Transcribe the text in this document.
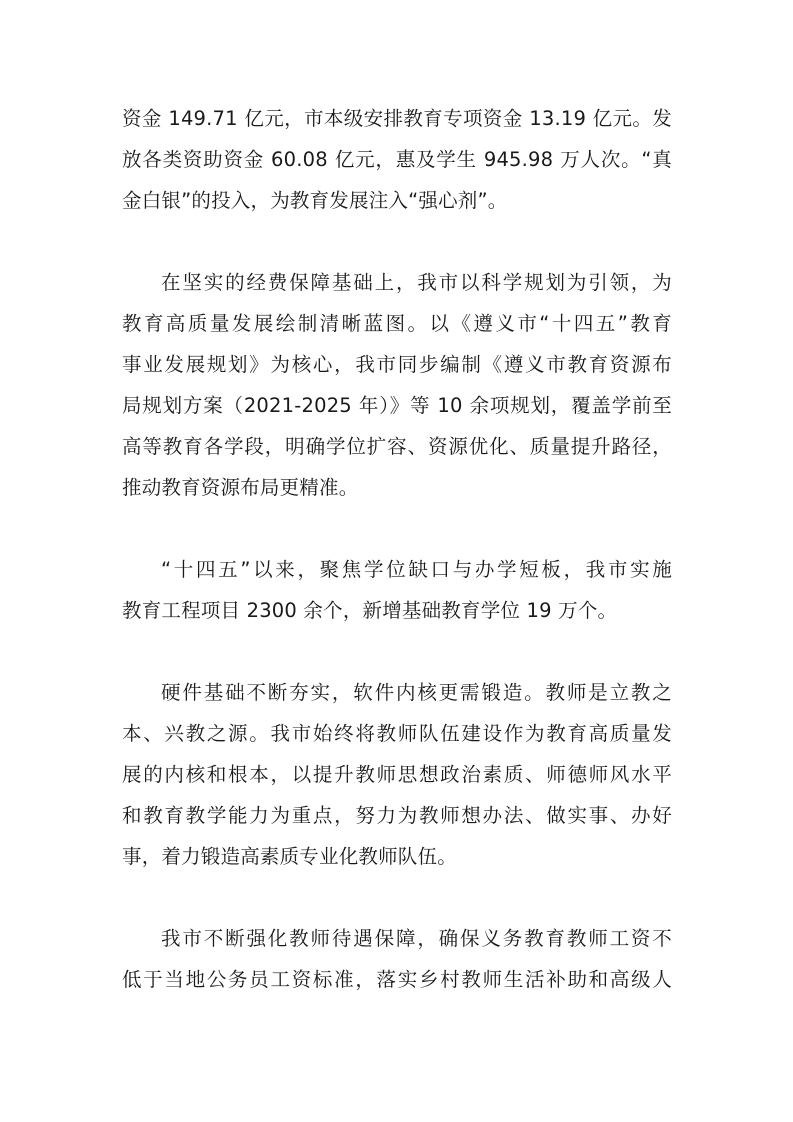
资金 149.71 亿元，市本级安排教育专项资金 13.19 亿元。发
放各类资助资金 60.08 亿元，惠及学生 945.98 万人次。“真
金白银”的投入，为教育发展注入“强心剂”。

在坚实的经费保障基础上，我市以科学规划为引领，为
教育高质量发展绘制清晰蓝图。以《遵义市“十四五”教育
事业发展规划》为核心，我市同步编制《遵义市教育资源布
局规划方案（2021-2025 年）》等 10 余项规划，覆盖学前至
高等教育各学段，明确学位扩容、资源优化、质量提升路径，
推动教育资源布局更精准。

“十四五”以来，聚焦学位缺口与办学短板，我市实施
教育工程项目 2300 余个，新增基础教育学位 19 万个。

硬件基础不断夯实，软件内核更需锻造。教师是立教之
本、兴教之源。我市始终将教师队伍建设作为教育高质量发
展的内核和根本，以提升教师思想政治素质、师德师风水平
和教育教学能力为重点，努力为教师想办法、做实事、办好
事，着力锻造高素质专业化教师队伍。

我市不断强化教师待遇保障，确保义务教育教师工资不
低于当地公务员工资标准，落实乡村教师生活补助和高级人
